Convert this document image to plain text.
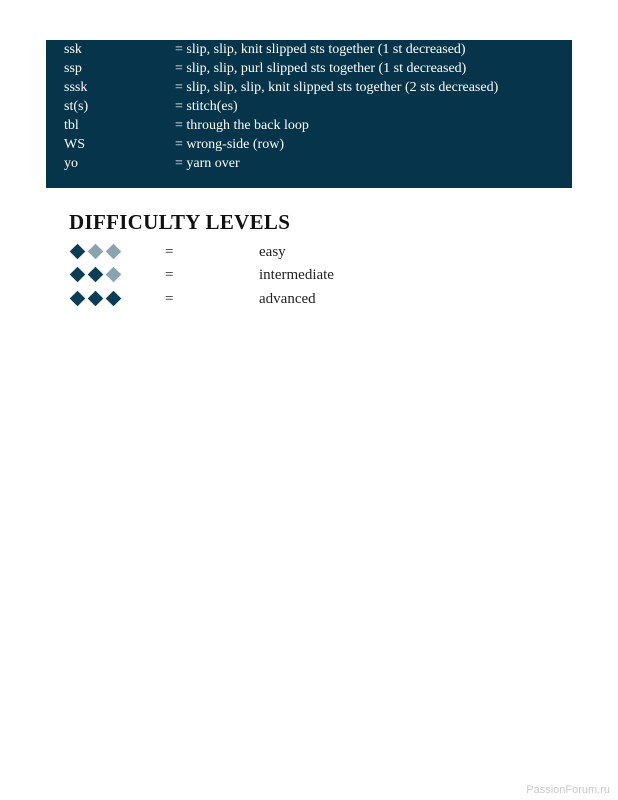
ssk	= slip, slip, knit slipped sts together (1 st decreased)
ssp	= slip, slip, purl slipped sts together (1 st decreased)
sssk	= slip, slip, slip, knit slipped sts together (2 sts decreased)
st(s)	= stitch(es)
tbl	= through the back loop
WS	= wrong-side (row)
yo	= yarn over
DIFFICULTY LEVELS
=	easy
=	intermediate
=	advanced
PassionForum.ru
